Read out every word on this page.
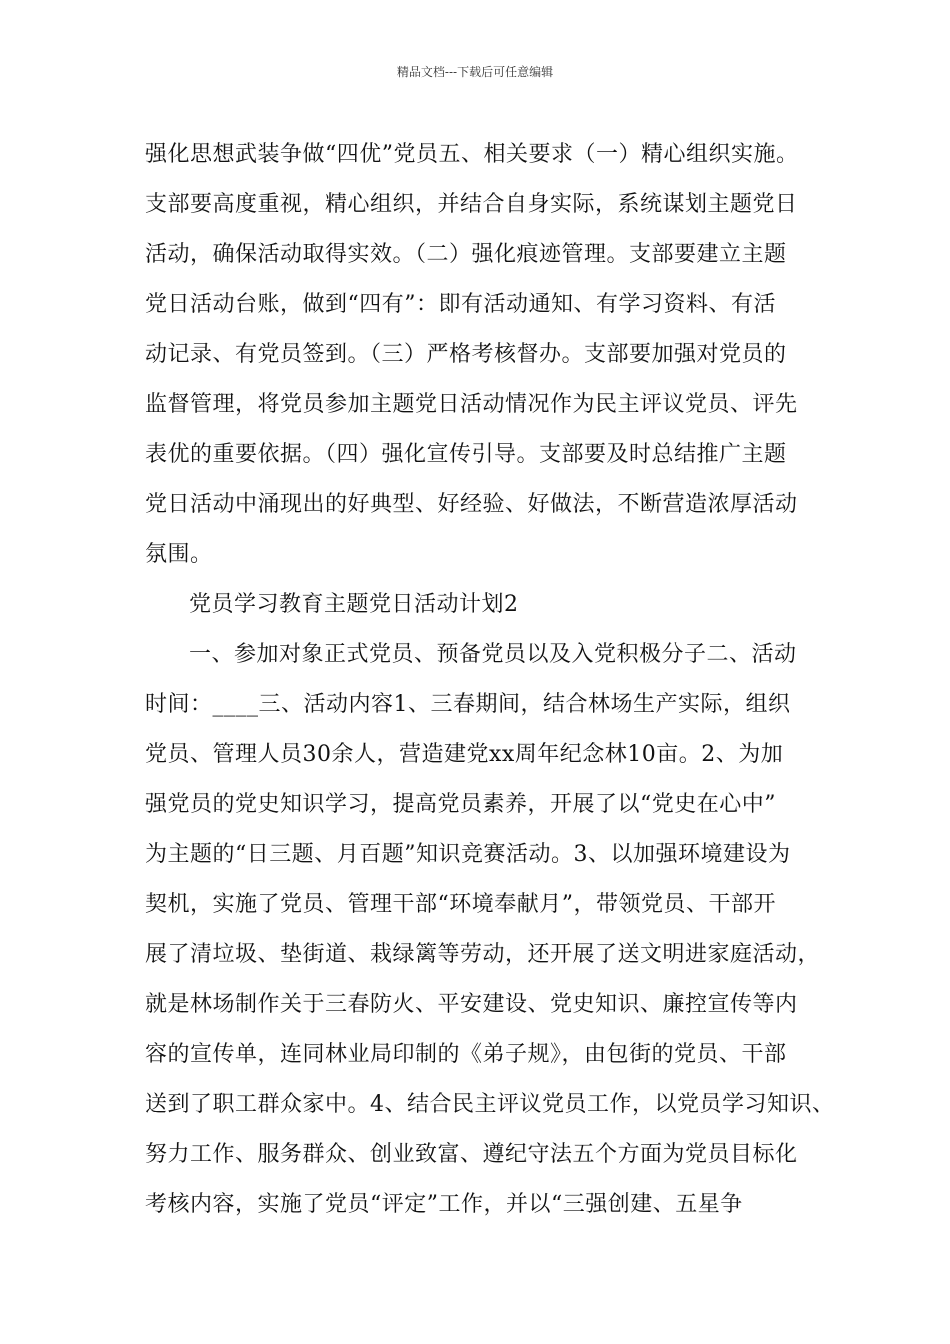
精品文档---下载后可任意编辑
强化思想武装争做“四优”党员五、相关要求（一）精心组织实施。
支部要高度重视，精心组织，并结合自身实际，系统谋划主题党日
活动，确保活动取得实效。（二）强化痕迹管理。支部要建立主题
党日活动台账，做到“四有”：即有活动通知、有学习资料、有活
动记录、有党员签到。（三）严格考核督办。支部要加强对党员的
监督管理，将党员参加主题党日活动情况作为民主评议党员、评先
表优的重要依据。（四）强化宣传引导。支部要及时总结推广主题
党日活动中涌现出的好典型、好经验、好做法，不断营造浓厚活动
氛围。
党员学习教育主题党日活动计划2
一、参加对象正式党员、预备党员以及入党积极分子二、活动
时间：____三、活动内容1、三春期间，结合林场生产实际，组织
党员、管理人员30余人，营造建党xx周年纪念林10亩。2、为加
强党员的党史知识学习，提高党员素养，开展了以“党史在心中”
为主题的“日三题、月百题”知识竞赛活动。3、以加强环境建设为
契机，实施了党员、管理干部“环境奉献月”，带领党员、干部开
展了清垃圾、垫街道、栽绿篱等劳动，还开展了送文明进家庭活动，
就是林场制作关于三春防火、平安建设、党史知识、廉控宣传等内
容的宣传单，连同林业局印制的《弟子规》，由包街的党员、干部
送到了职工群众家中。4、结合民主评议党员工作，以党员学习知识、
努力工作、服务群众、创业致富、遵纪守法五个方面为党员目标化
考核内容，实施了党员“评定”工作，并以“三强创建、五星争
